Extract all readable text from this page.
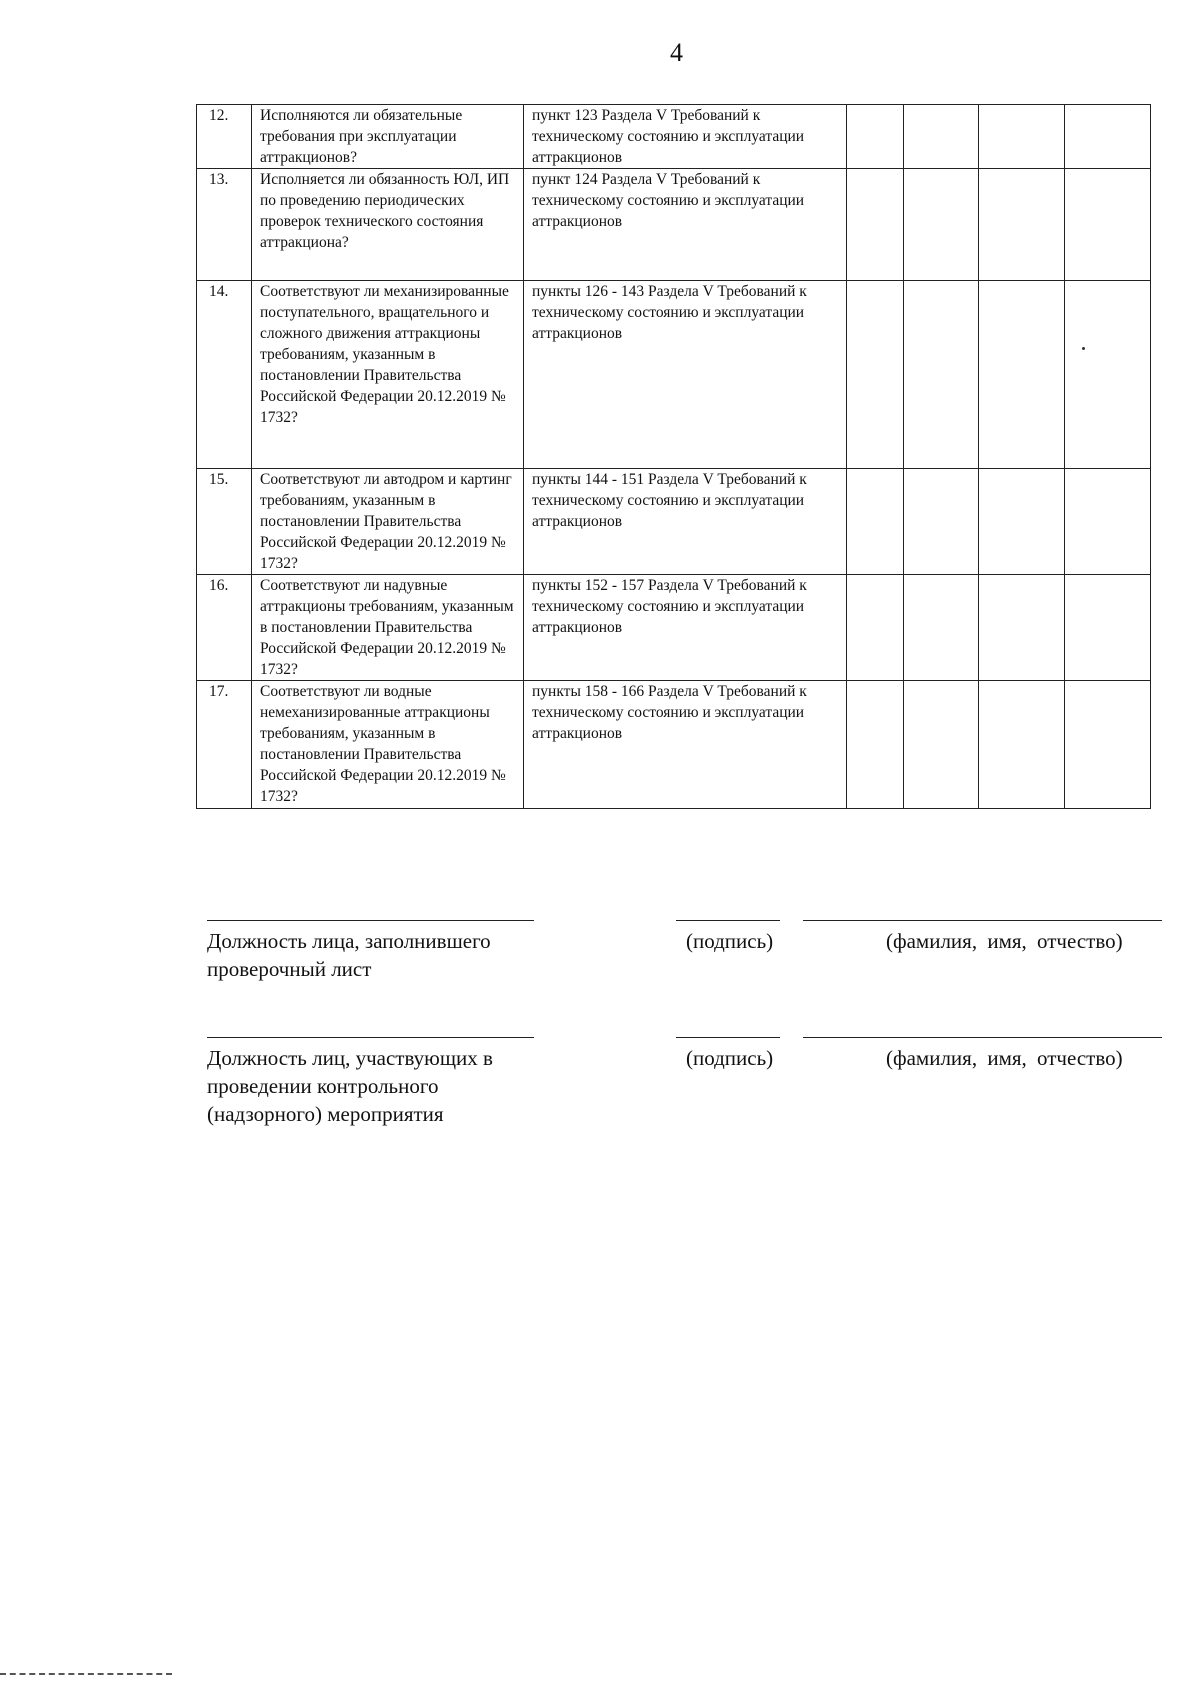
4
12.	Исполняются ли обязательные требования при эксплуатации аттракционов?	пункт 123 Раздела V Требований к техническому состоянию и эксплуатации аттракционов				
13.	Исполняется ли обязанность ЮЛ, ИП по проведению периодических проверок технического состояния аттракциона?	пункт 124 Раздела V Требований к техническому состоянию и эксплуатации аттракционов				
14.	Соответствуют ли механизированные поступательного, вращательного и сложного движения аттракционы требованиям, указанным в постановлении Правительства Российской Федерации 20.12.2019 № 1732?	пункты 126 - 143 Раздела V Требований к техническому состоянию и эксплуатации аттракционов				
15.	Соответствуют ли автодром и картинг требованиям, указанным в постановлении Правительства Российской Федерации 20.12.2019 № 1732?	пункты 144 - 151 Раздела V Требований к техническому состоянию и эксплуатации аттракционов				
16.	Соответствуют ли надувные аттракционы требованиям, указанным в постановлении Правительства Российской Федерации 20.12.2019 № 1732?	пункты 152 - 157 Раздела V Требований к техническому состоянию и эксплуатации аттракционов				
17.	Соответствуют ли водные немеханизированные аттракционы требованиям, указанным в постановлении Правительства Российской Федерации 20.12.2019 № 1732?	пункты 158 - 166 Раздела V Требований к техническому состоянию и эксплуатации аттракционов				
Должность лица, заполнившего проверочный лист
(подпись)	(фамилия, имя, отчество)
Должность лиц, участвующих в проведении контрольного (надзорного) мероприятия
(подпись)	(фамилия, имя, отчество)
